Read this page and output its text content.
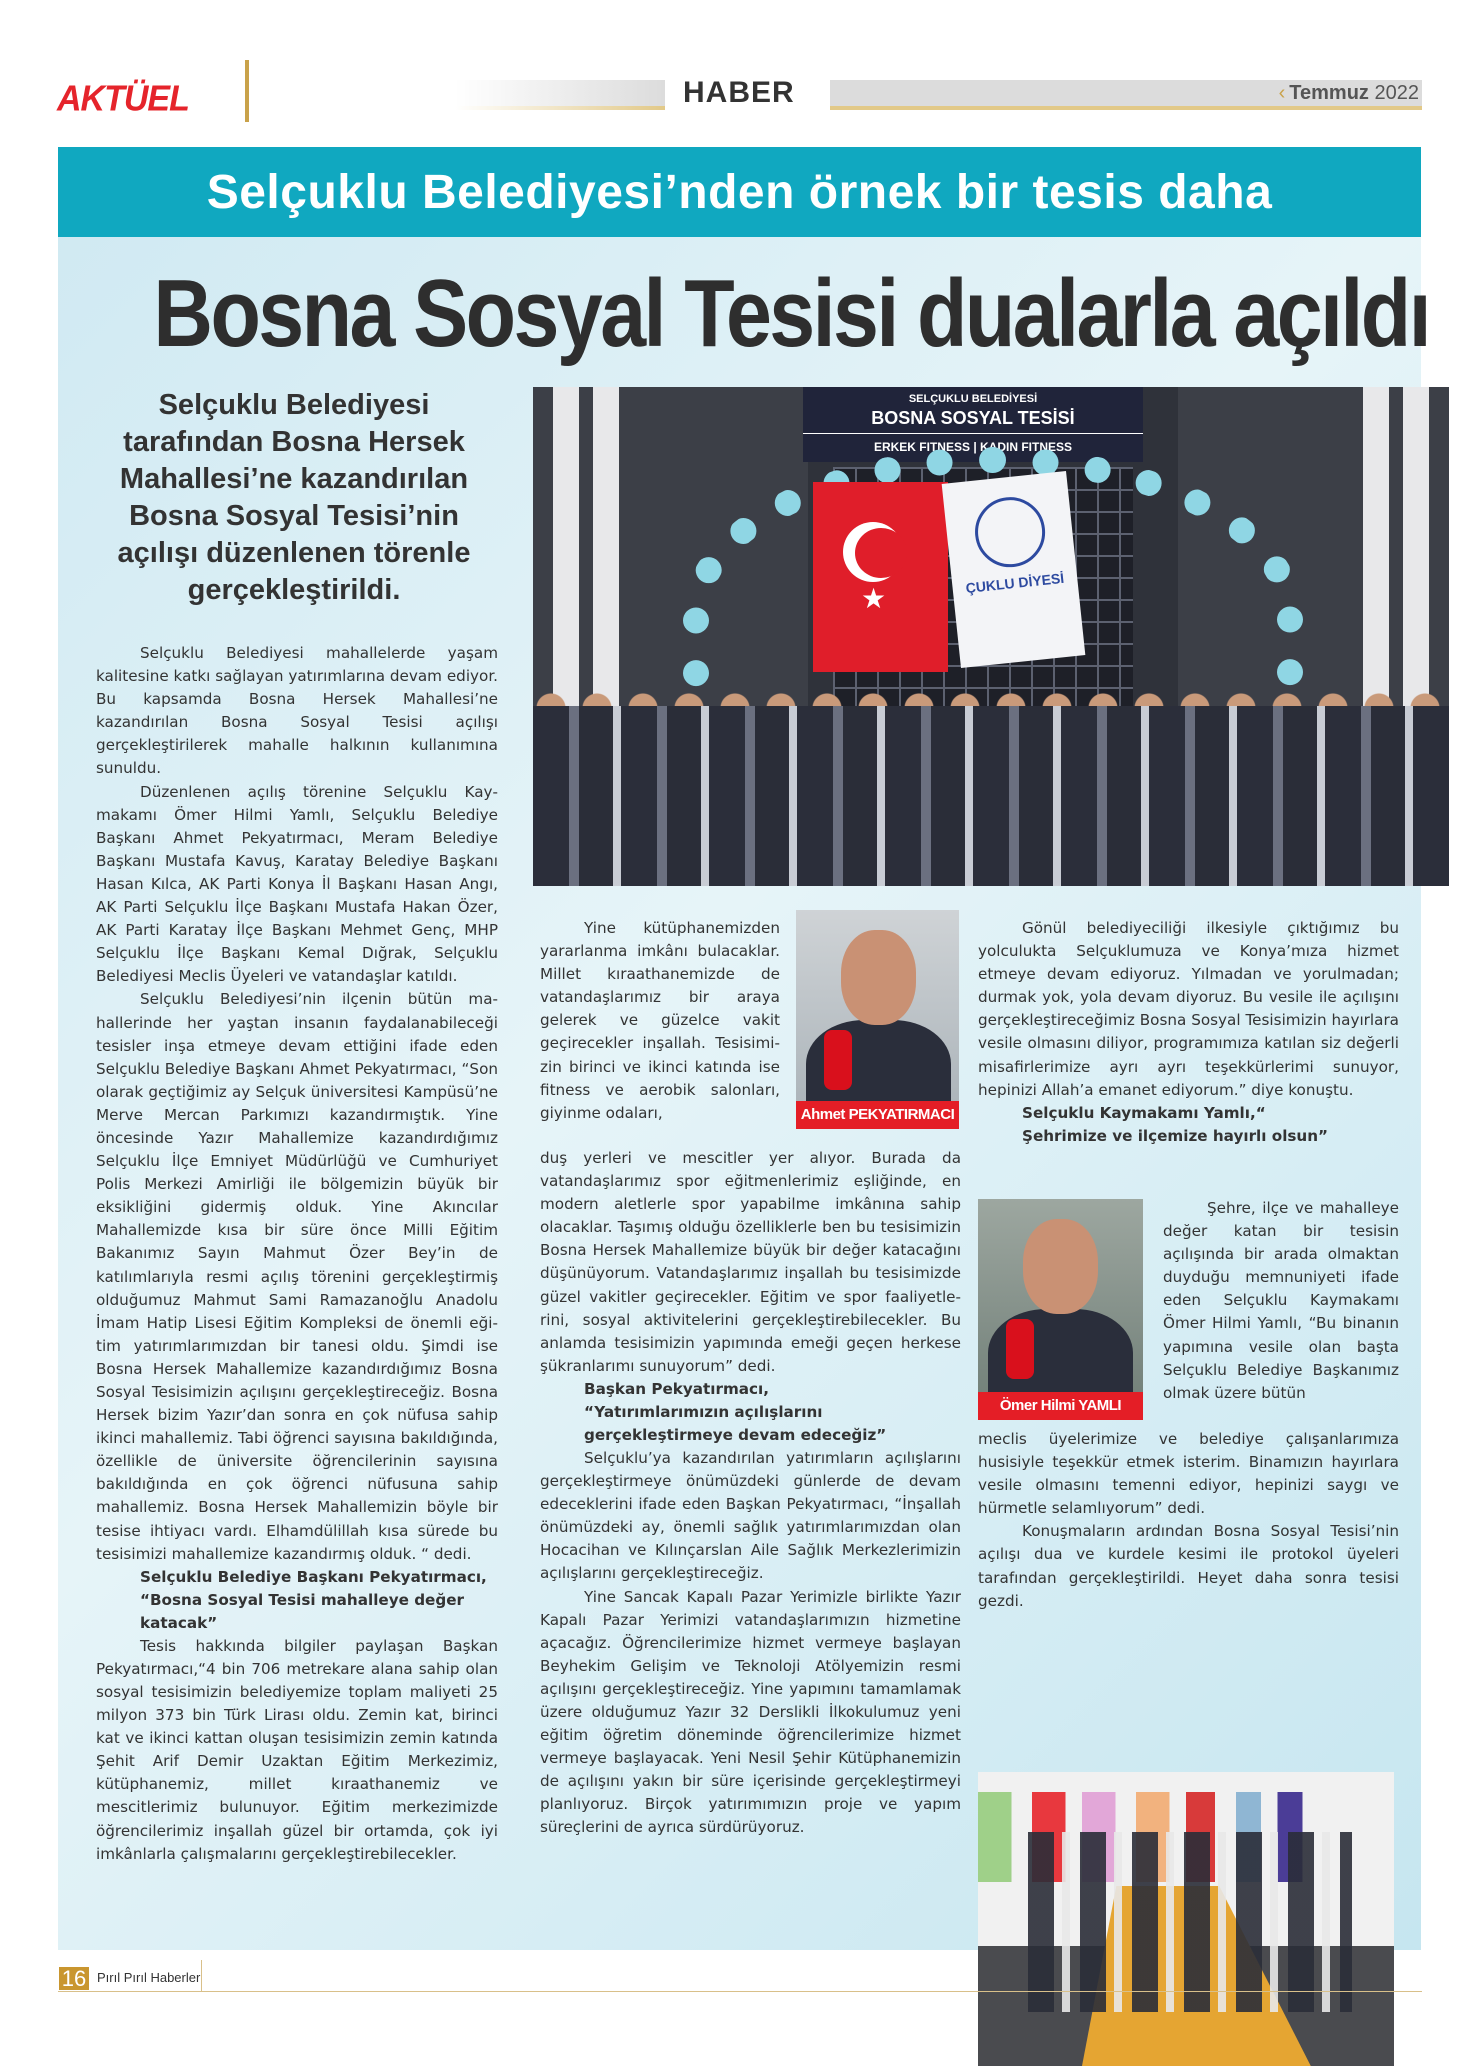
AKTÜEL	HABER	‹ Temmuz 2022
Selçuklu Belediyesi’nden örnek bir tesis daha
Bosna Sosyal Tesisi dualarla açıldı
Selçuklu Belediyesi tarafından Bosna Hersek Mahallesi’ne kazandırılan Bosna Sosyal Tesisi’nin açılışı düzenlenen törenle gerçekleştirildi.
SELÇUKLU BELEDİYESİ
BOSNA SOSYAL TESİSİ
ERKEK FITNESS | KADIN FITNESS
★	ÇUKLU DİYESİ
Ahmet PEKYATIRMACI
Ömer Hilmi YAMLI

Selçuklu Belediyesi mahallelerde yaşam kalitesine katkı sağlayan yatırımlarına devam ediyor. Bu kapsamda Bosna Hersek Mahallesi’ne kazandırılan Bosna Sosyal Tesisi açılışı gerçekleştirilerek mahalle halkının kullanımına sunuldu.

Düzenlenen açılış törenine Selçuklu Kaymakamı Ömer Hilmi Yamlı, Selçuklu Belediye Başkanı Ahmet Pekyatırmacı, Meram Belediye Başkanı Mustafa Kavuş, Karatay Belediye Başkanı Hasan Kılca, AK Parti Konya İl Başkanı Hasan Angı, AK Parti Selçuklu İlçe Başkanı Mustafa Hakan Özer, AK Parti Karatay İlçe Başkanı Mehmet Genç, MHP Selçuklu İlçe Başkanı Kemal Dığrak, Selçuklu Belediyesi Meclis Üyeleri ve vatandaşlar katıldı.

Selçuklu Belediyesi’nin ilçenin bütün mahallerinde her yaştan insanın faydalanabileceği tesisler inşa etmeye devam ettiğini ifade eden Selçuklu Belediye Başkanı Ahmet Pekyatırmacı, “Son olarak geçtiğimiz ay Selçuk üniversitesi Kampüsü’ne Merve Mercan Parkımızı kazandırmıştık. Yine öncesinde Yazır Mahallemize kazandırdığımız Selçuklu İlçe Emniyet Müdürlüğü ve Cumhuriyet Polis Merkezi Amirliği ile bölgemizin büyük bir eksikliğini gidermiş olduk. Yine Akıncılar Mahallemizde kısa bir süre önce Milli Eğitim Bakanımız Sayın Mahmut Özer Bey’in de katılımlarıyla resmi açılış törenini gerçekleştirmiş olduğumuz Mahmut Sami Ramazanoğlu Anadolu İmam Hatip Lisesi Eğitim Kompleksi de önemli eğitim yatırımlarımızdan bir tanesi oldu. Şimdi ise Bosna Hersek Mahallemize kazandırdığımız Bosna Sosyal Tesisimizin açılışını gerçekleştireceğiz. Bosna Hersek bizim Yazır’dan sonra en çok nüfusa sahip ikinci mahallemiz. Tabi öğrenci sayısına bakıldığında, özellikle de üniversite öğrencilerinin sayısına bakıldığında en çok öğrenci nüfusuna sahip mahallemiz. Bosna Hersek Mahallemizin böyle bir tesise ihtiyacı vardı. Elhamdülillah kısa sürede bu tesisimizi mahallemize kazandırmış olduk. “ dedi.

Selçuklu Belediye Başkanı Pekyatırmacı,
“Bosna Sosyal Tesisi mahalleye değer katacak”

Tesis hakkında bilgiler paylaşan Başkan Pekyatırmacı,“4 bin 706 metrekare alana sahip olan sosyal tesisimizin belediyemize toplam maliyeti 25 milyon 373 bin Türk Lirası oldu. Zemin kat, birinci kat ve ikinci kattan oluşan tesisimizin zemin katında Şehit Arif Demir Uzaktan Eğitim Merkezimiz, kütüphanemiz, millet kıraathanemiz ve mescitlerimiz bulunuyor. Eğitim merkezimizde öğrencilerimiz inşallah güzel bir ortamda, çok iyi imkânlarla çalışmalarını gerçekleştirebilecekler.

Yine kütüphanemizden yararlanma imkânı bulacaklar. Millet kıraathanemizde de vatandaşlarımız bir araya gelerek ve güzelce vakit geçirecekler inşallah. Tesisimizin birinci ve ikinci katında ise fitness ve aerobik salonları, giyinme odaları,

duş yerleri ve mescitler yer alıyor. Burada da vatandaşlarımız spor eğitmenlerimiz eşliğinde, en modern aletlerle spor yapabilme imkânına sahip olacaklar. Taşımış olduğu özelliklerle ben bu tesisimizin Bosna Hersek Mahallemize büyük bir değer katacağını düşünüyorum. Vatandaşlarımız inşallah bu tesisimizde güzel vakitler geçirecekler. Eğitim ve spor faaliyetlerini, sosyal aktivitelerini gerçekleştirebilecekler. Bu anlamda tesisimizin yapımında emeği geçen herkese şükranlarımı sunuyorum” dedi.

Başkan Pekyatırmacı,
“Yatırımlarımızın açılışlarını
gerçekleştirmeye devam edeceğiz”

Selçuklu’ya kazandırılan yatırımların açılışlarını gerçekleştirmeye önümüzdeki günlerde de devam edeceklerini ifade eden Başkan Pekyatırmacı, “İnşallah önümüzdeki ay, önemli sağlık yatırımlarımızdan olan Hocacihan ve Kılınçarslan Aile Sağlık Merkezlerimizin açılışlarını gerçekleştireceğiz.

Yine Sancak Kapalı Pazar Yerimizle birlikte Yazır Kapalı Pazar Yerimizi vatandaşlarımızın hizmetine açacağız. Öğrencilerimize hizmet vermeye başlayan Beyhekim Gelişim ve Teknoloji Atölyemizin resmi açılışını gerçekleştireceğiz. Yine yapımını tamamlamak üzere olduğumuz Yazır 32 Derslikli İlkokulumuz yeni eğitim öğretim döneminde öğrencilerimize hizmet vermeye başlayacak. Yeni Nesil Şehir Kütüphanemizin de açılışını yakın bir süre içerisinde gerçekleştirmeyi planlıyoruz. Birçok yatırımımızın proje ve yapım süreçlerini de ayrıca sürdürüyoruz.

Gönül belediyeciliği ilkesiyle çıktığımız bu yolculukta Selçuklumuza ve Konya’mıza hizmet etmeye devam ediyoruz. Yılmadan ve yorulmadan; durmak yok, yola devam diyoruz. Bu vesile ile açılışını gerçekleştireceğimiz Bosna Sosyal Tesisimizin hayırlara vesile olmasını diliyor, programımıza katılan siz değerli misafirlerimize ayrı ayrı teşekkürlerimi sunuyor, hepinizi Allah’a emanet ediyorum.” diye konuştu.

Selçuklu Kaymakamı Yamlı,“
Şehrimize ve ilçemize hayırlı olsun”

Şehre, ilçe ve mahalleye değer katan bir tesisin açılışında bir arada olmaktan duyduğu memnuniyeti ifade eden Selçuklu Kaymakamı Ömer Hilmi Yamlı, “Bu binanın yapımına vesile olan başta Selçuklu Belediye Başkanımız olmak üzere bütün

meclis üyelerimize ve belediye çalışanlarımıza husisiyle teşekkür etmek isterim. Binamızın hayırlara vesile olmasını temenni ediyor, hepinizi saygı ve hürmetle selamlıyorum” dedi.

Konuşmaların ardından Bosna Sosyal Tesisi’nin açılışı dua ve kurdele kesimi ile protokol üyeleri tarafından gerçekleştirildi. Heyet daha sonra tesisi gezdi.

16 Pırıl Pırıl Haberler
